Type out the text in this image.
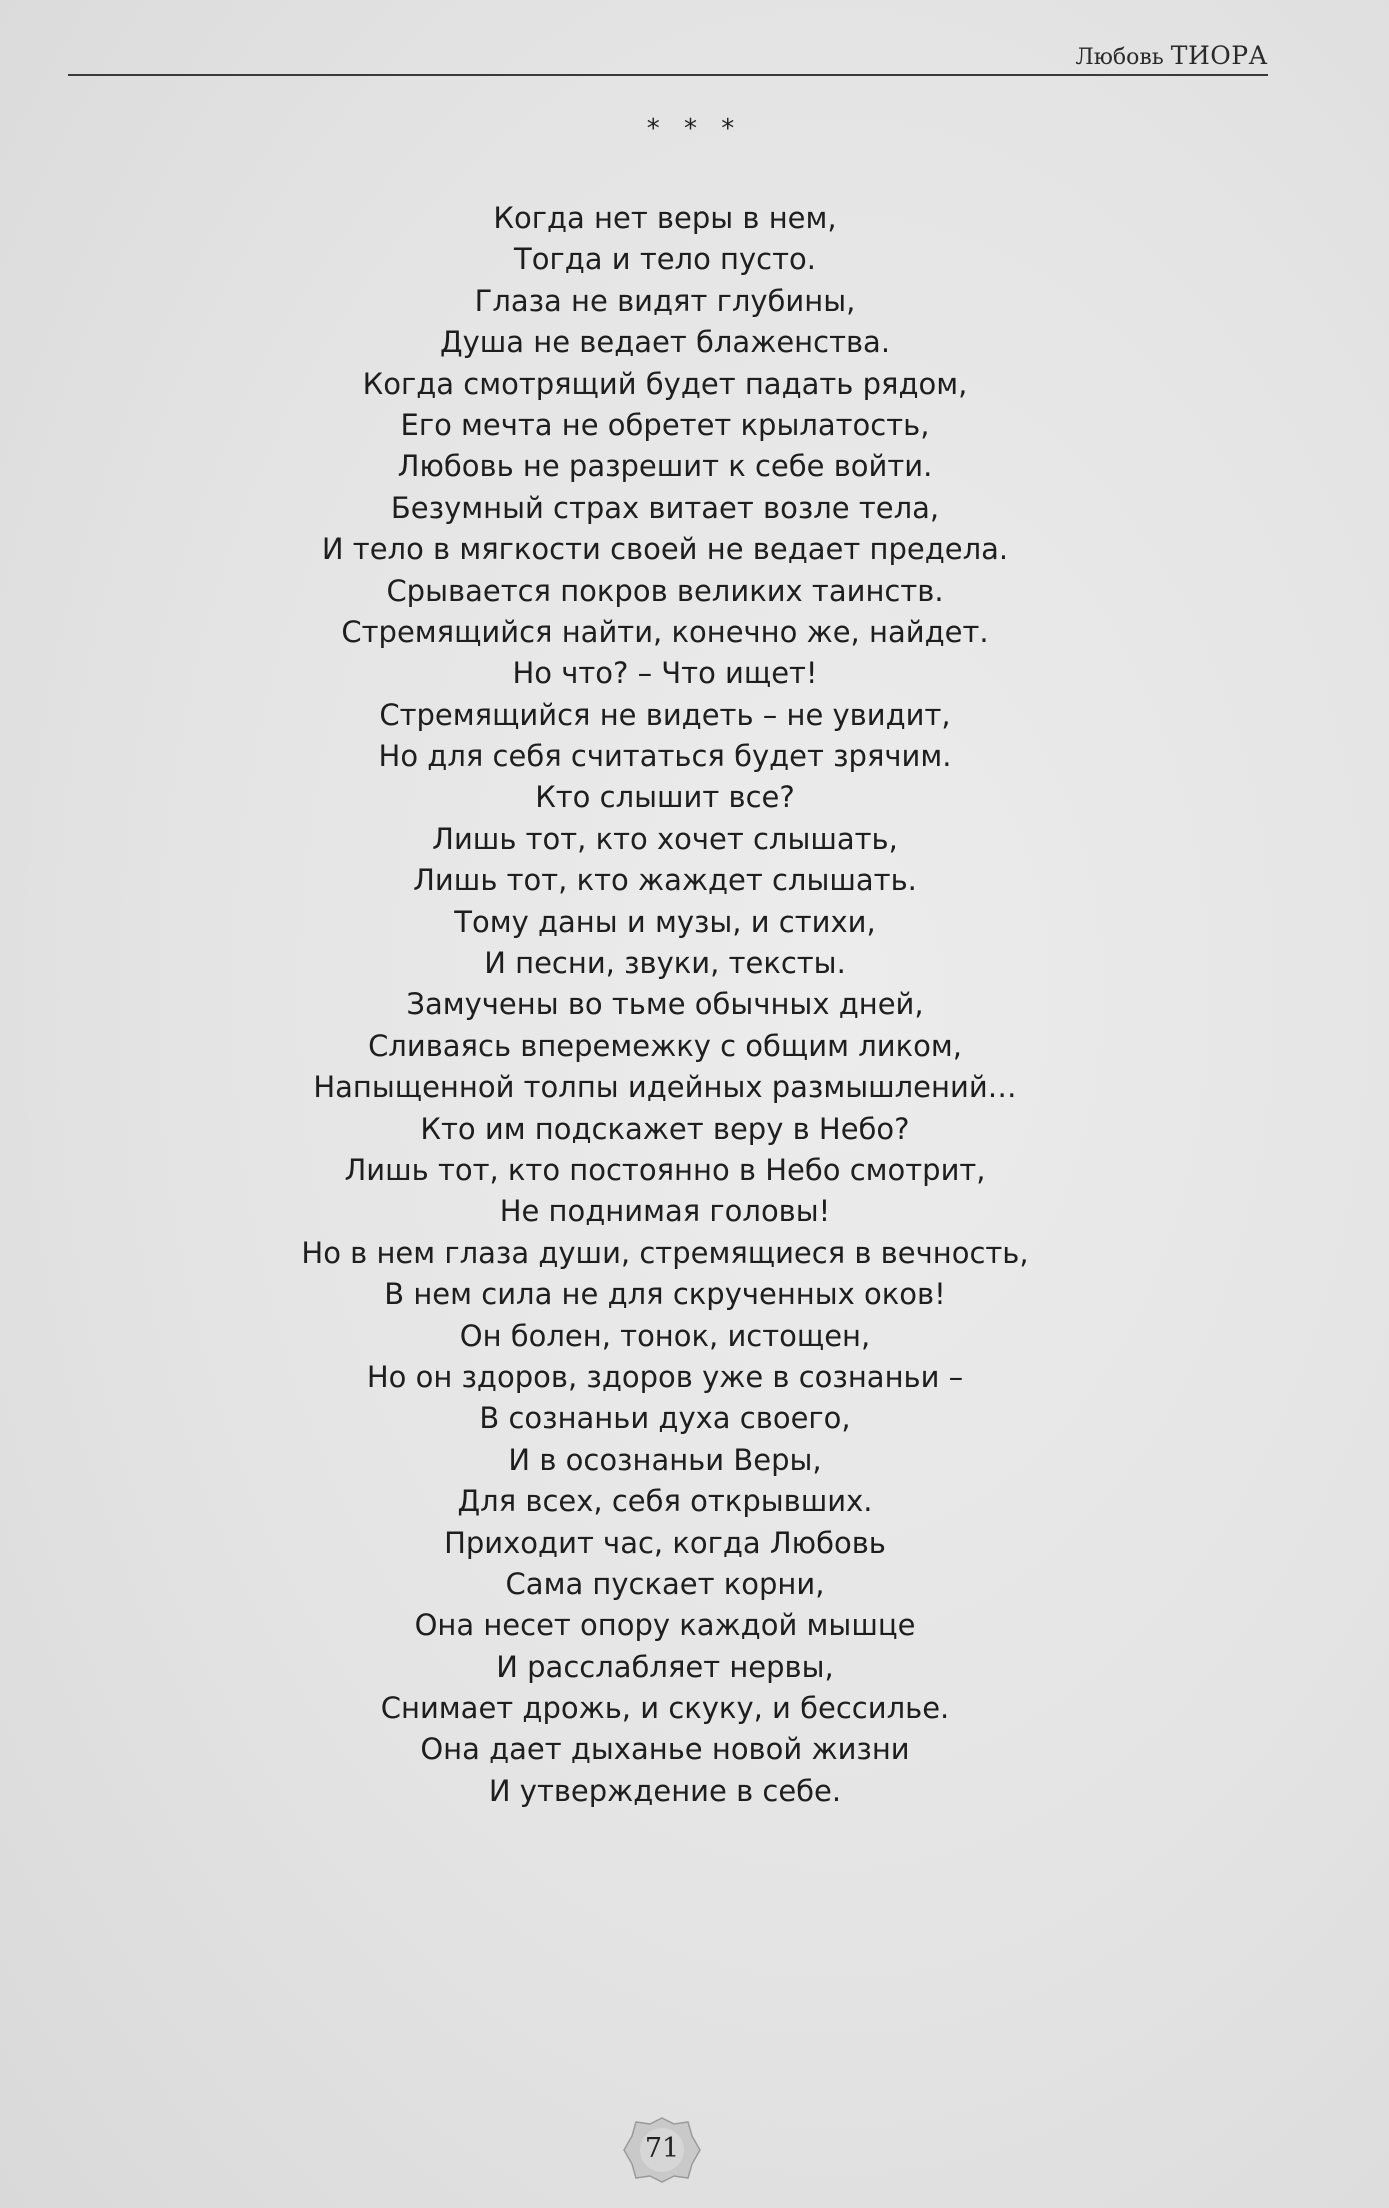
Любовь ТИОРА
* * *
Когда нет веры в нем,
Тогда и тело пусто.
Глаза не видят глубины,
Душа не ведает блаженства.
Когда смотрящий будет падать рядом,
Его мечта не обретет крылатость,
Любовь не разрешит к себе войти.
Безумный страх витает возле тела,
И тело в мягкости своей не ведает предела.
Срывается покров великих таинств.
Стремящийся найти, конечно же, найдет.
Но что? – Что ищет!
Стремящийся не видеть – не увидит,
Но для себя считаться будет зрячим.
Кто слышит все?
Лишь тот, кто хочет слышать,
Лишь тот, кто жаждет слышать.
Тому даны и музы, и стихи,
И песни, звуки, тексты.
Замучены во тьме обычных дней,
Сливаясь вперемежку с общим ликом,
Напыщенной толпы идейных размышлений…
Кто им подскажет веру в Небо?
Лишь тот, кто постоянно в Небо смотрит,
Не поднимая головы!
Но в нем глаза души, стремящиеся в вечность,
В нем сила не для скрученных оков!
Он болен, тонок, истощен,
Но он здоров, здоров уже в сознаньи –
В сознаньи духа своего,
И в осознаньи Веры,
Для всех, себя открывших.
Приходит час, когда Любовь
Сама пускает корни,
Она несет опору каждой мышце
И расслабляет нервы,
Снимает дрожь, и скуку, и бессилье.
Она дает дыханье новой жизни
И утверждение в себе.
71
